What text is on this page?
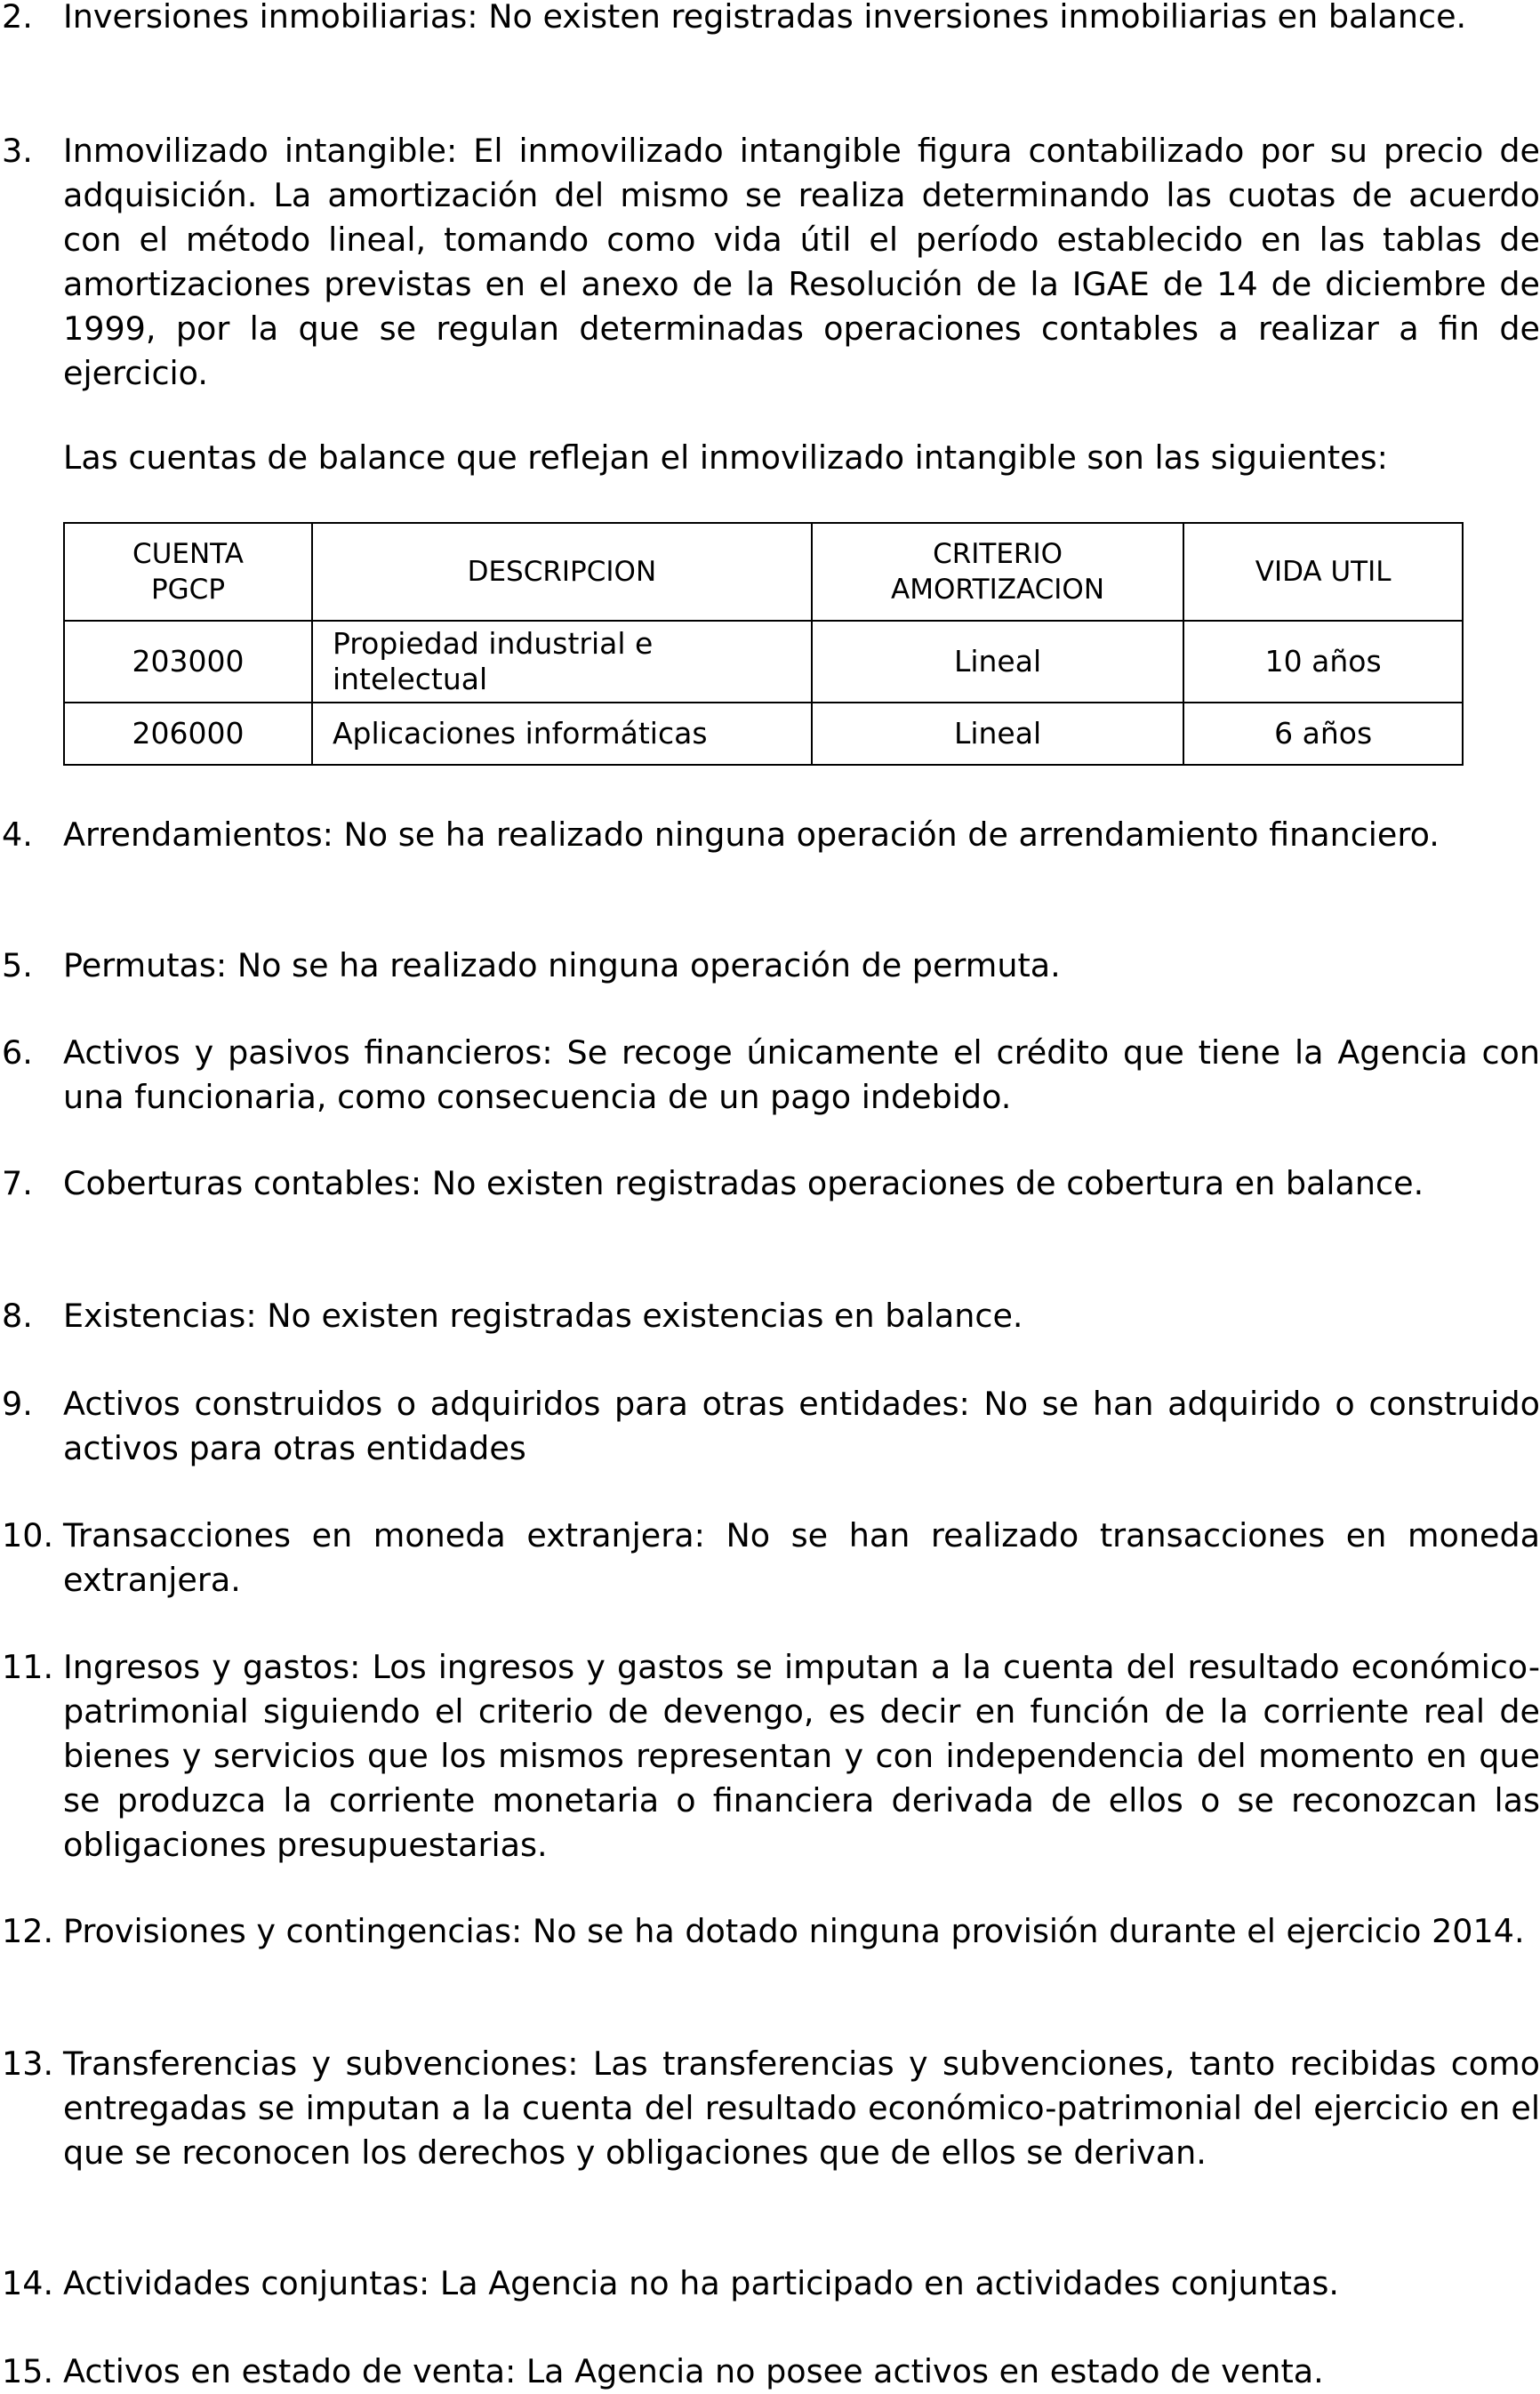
2. Inversiones inmobiliarias: No existen registradas inversiones inmobiliarias en balance.
3. Inmovilizado intangible: El inmovilizado intangible figura contabilizado por su precio de adquisición. La amortización del mismo se realiza determinando las cuotas de acuerdo con el método lineal, tomando como vida útil el período establecido en las tablas de amortizaciones previstas en el anexo de la Resolución de la IGAE de 14 de diciembre de 1999, por la que se regulan determinadas operaciones contables a realizar a fin de ejercicio.
Las cuentas de balance que reflejan el inmovilizado intangible son las siguientes:
CUENTA PGCP	DESCRIPCION	CRITERIO AMORTIZACION	VIDA UTIL
203000	Propiedad industrial e intelectual	Lineal	10 años
206000	Aplicaciones informáticas	Lineal	6 años
4. Arrendamientos: No se ha realizado ninguna operación de arrendamiento financiero.
5. Permutas: No se ha realizado ninguna operación de permuta.
6. Activos y pasivos financieros: Se recoge únicamente el crédito que tiene la Agencia con una funcionaria, como consecuencia de un pago indebido.
7. Coberturas contables: No existen registradas operaciones de cobertura en balance.
8. Existencias: No existen registradas existencias en balance.
9. Activos construidos o adquiridos para otras entidades: No se han adquirido o construido activos para otras entidades
10. Transacciones en moneda extranjera: No se han realizado transacciones en moneda extranjera.
11. Ingresos y gastos: Los ingresos y gastos se imputan a la cuenta del resultado económico-patrimonial siguiendo el criterio de devengo, es decir en función de la corriente real de bienes y servicios que los mismos representan y con independencia del momento en que se produzca la corriente monetaria o financiera derivada de ellos o se reconozcan las obligaciones presupuestarias.
12. Provisiones y contingencias: No se ha dotado ninguna provisión durante el ejercicio 2014.
13. Transferencias y subvenciones: Las transferencias y subvenciones, tanto recibidas como entregadas se imputan a la cuenta del resultado económico-patrimonial del ejercicio en el que se reconocen los derechos y obligaciones que de ellos se derivan.
14. Actividades conjuntas: La Agencia no ha participado en actividades conjuntas.
15. Activos en estado de venta: La Agencia no posee activos en estado de venta.
